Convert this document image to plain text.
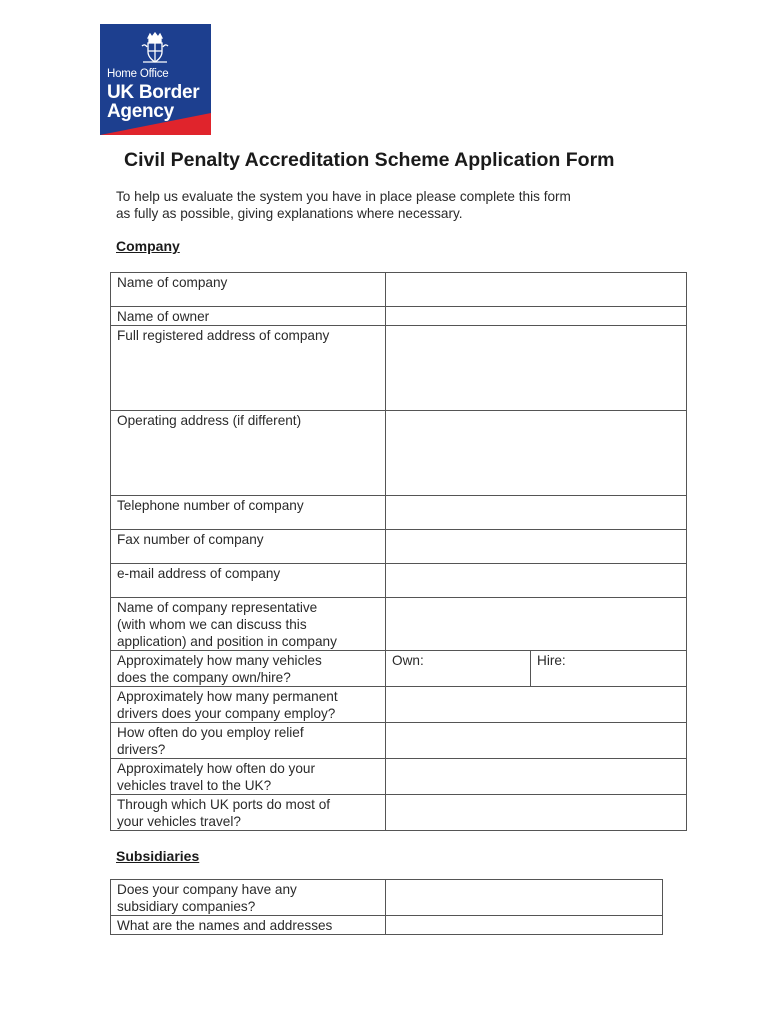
Home Office
UK Border
Agency
Civil Penalty Accreditation Scheme Application Form
To help us evaluate the system you have in place please complete this form
as fully as possible, giving explanations where necessary.
Company
Name of company		
Name of owner		
Full registered address of company		
Operating address (if different)		
Telephone number of company		
Fax number of company		
e-mail address of company		

Name of company representative
(with whom we can discuss this
application) and position in company		

Approximately how many vehicles
does the company own/hire?	Own:	Hire:

Approximately how many permanent
drivers does your company employ?		

How often do you employ relief
drivers?		

Approximately how often do your
vehicles travel to the UK?		

Through which UK ports do most of
your vehicles travel?		

Subsidiaries
Does your company have any
subsidiary companies?	

What are the names and addresses	
